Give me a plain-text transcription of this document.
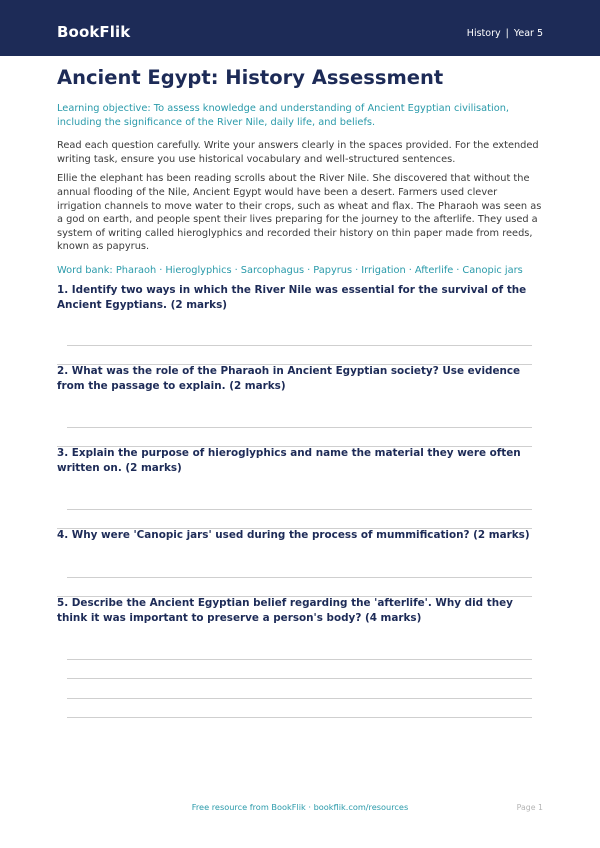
BookFlik	History | Year 5
Ancient Egypt: History Assessment

Learning objective: To assess knowledge and understanding of Ancient Egyptian civilisation, including the significance of the River Nile, daily life, and beliefs.

Read each question carefully. Write your answers clearly in the spaces provided. For the extended writing task, ensure you use historical vocabulary and well-structured sentences.

Ellie the elephant has been reading scrolls about the River Nile. She discovered that without the annual flooding of the Nile, Ancient Egypt would have been a desert. Farmers used clever irrigation channels to move water to their crops, such as wheat and flax. The Pharaoh was seen as a god on earth, and people spent their lives preparing for the journey to the afterlife. They used a system of writing called hieroglyphics and recorded their history on thin paper made from reeds, known as papyrus.

Word bank: Pharaoh · Hieroglyphics · Sarcophagus · Papyrus · Irrigation · Afterlife · Canopic jars

1. Identify two ways in which the River Nile was essential for the survival of the Ancient Egyptians. (2 marks)
2. What was the role of the Pharaoh in Ancient Egyptian society? Use evidence from the passage to explain. (2 marks)
3. Explain the purpose of hieroglyphics and name the material they were often written on. (2 marks)
4. Why were 'Canopic jars' used during the process of mummification? (2 marks)
5. Describe the Ancient Egyptian belief regarding the 'afterlife'. Why did they think it was important to preserve a person's body? (4 marks)
Free resource from BookFlik · bookflik.com/resources	Page 1
